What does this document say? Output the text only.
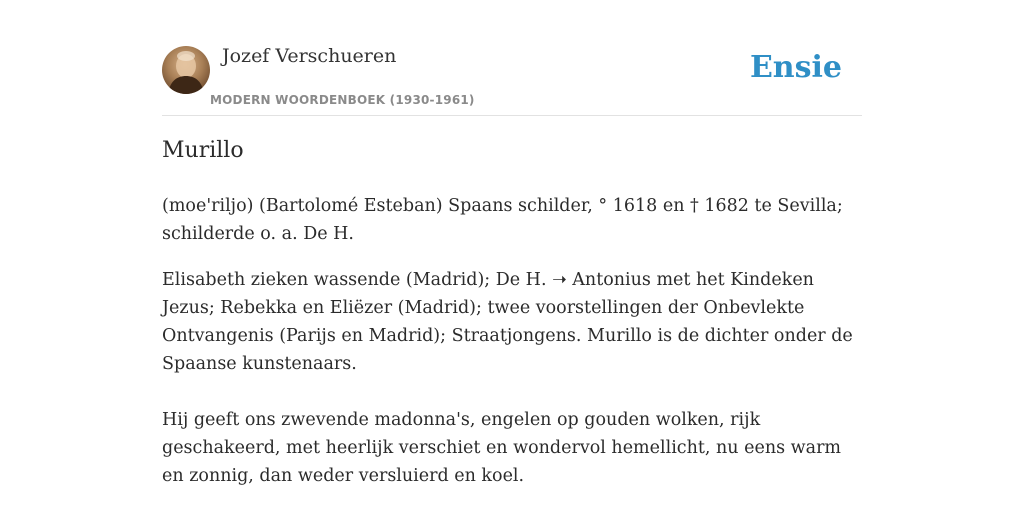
Jozef Verschueren
MODERN WOORDENBOEK (1930-1961)
Ensie
Murillo

(moe'riljo) (Bartolomé Esteban) Spaans schilder, ° 1618 en † 1682 te Sevilla; schilderde o. a. De H.

Elisabeth zieken wassende (Madrid); De H. ➝ Antonius met het Kindeken Jezus; Rebekka en Eliëzer (Madrid); twee voorstellingen der Onbevlekte Ontvangenis (Parijs en Madrid); Straatjongens. Murillo is de dichter onder de Spaanse kunstenaars.

Hij geeft ons zwevende madonna's, engelen op gouden wolken, rijk geschakeerd, met heerlijk verschiet en wondervol hemellicht, nu eens warm en zonnig, dan weder versluierd en koel.
